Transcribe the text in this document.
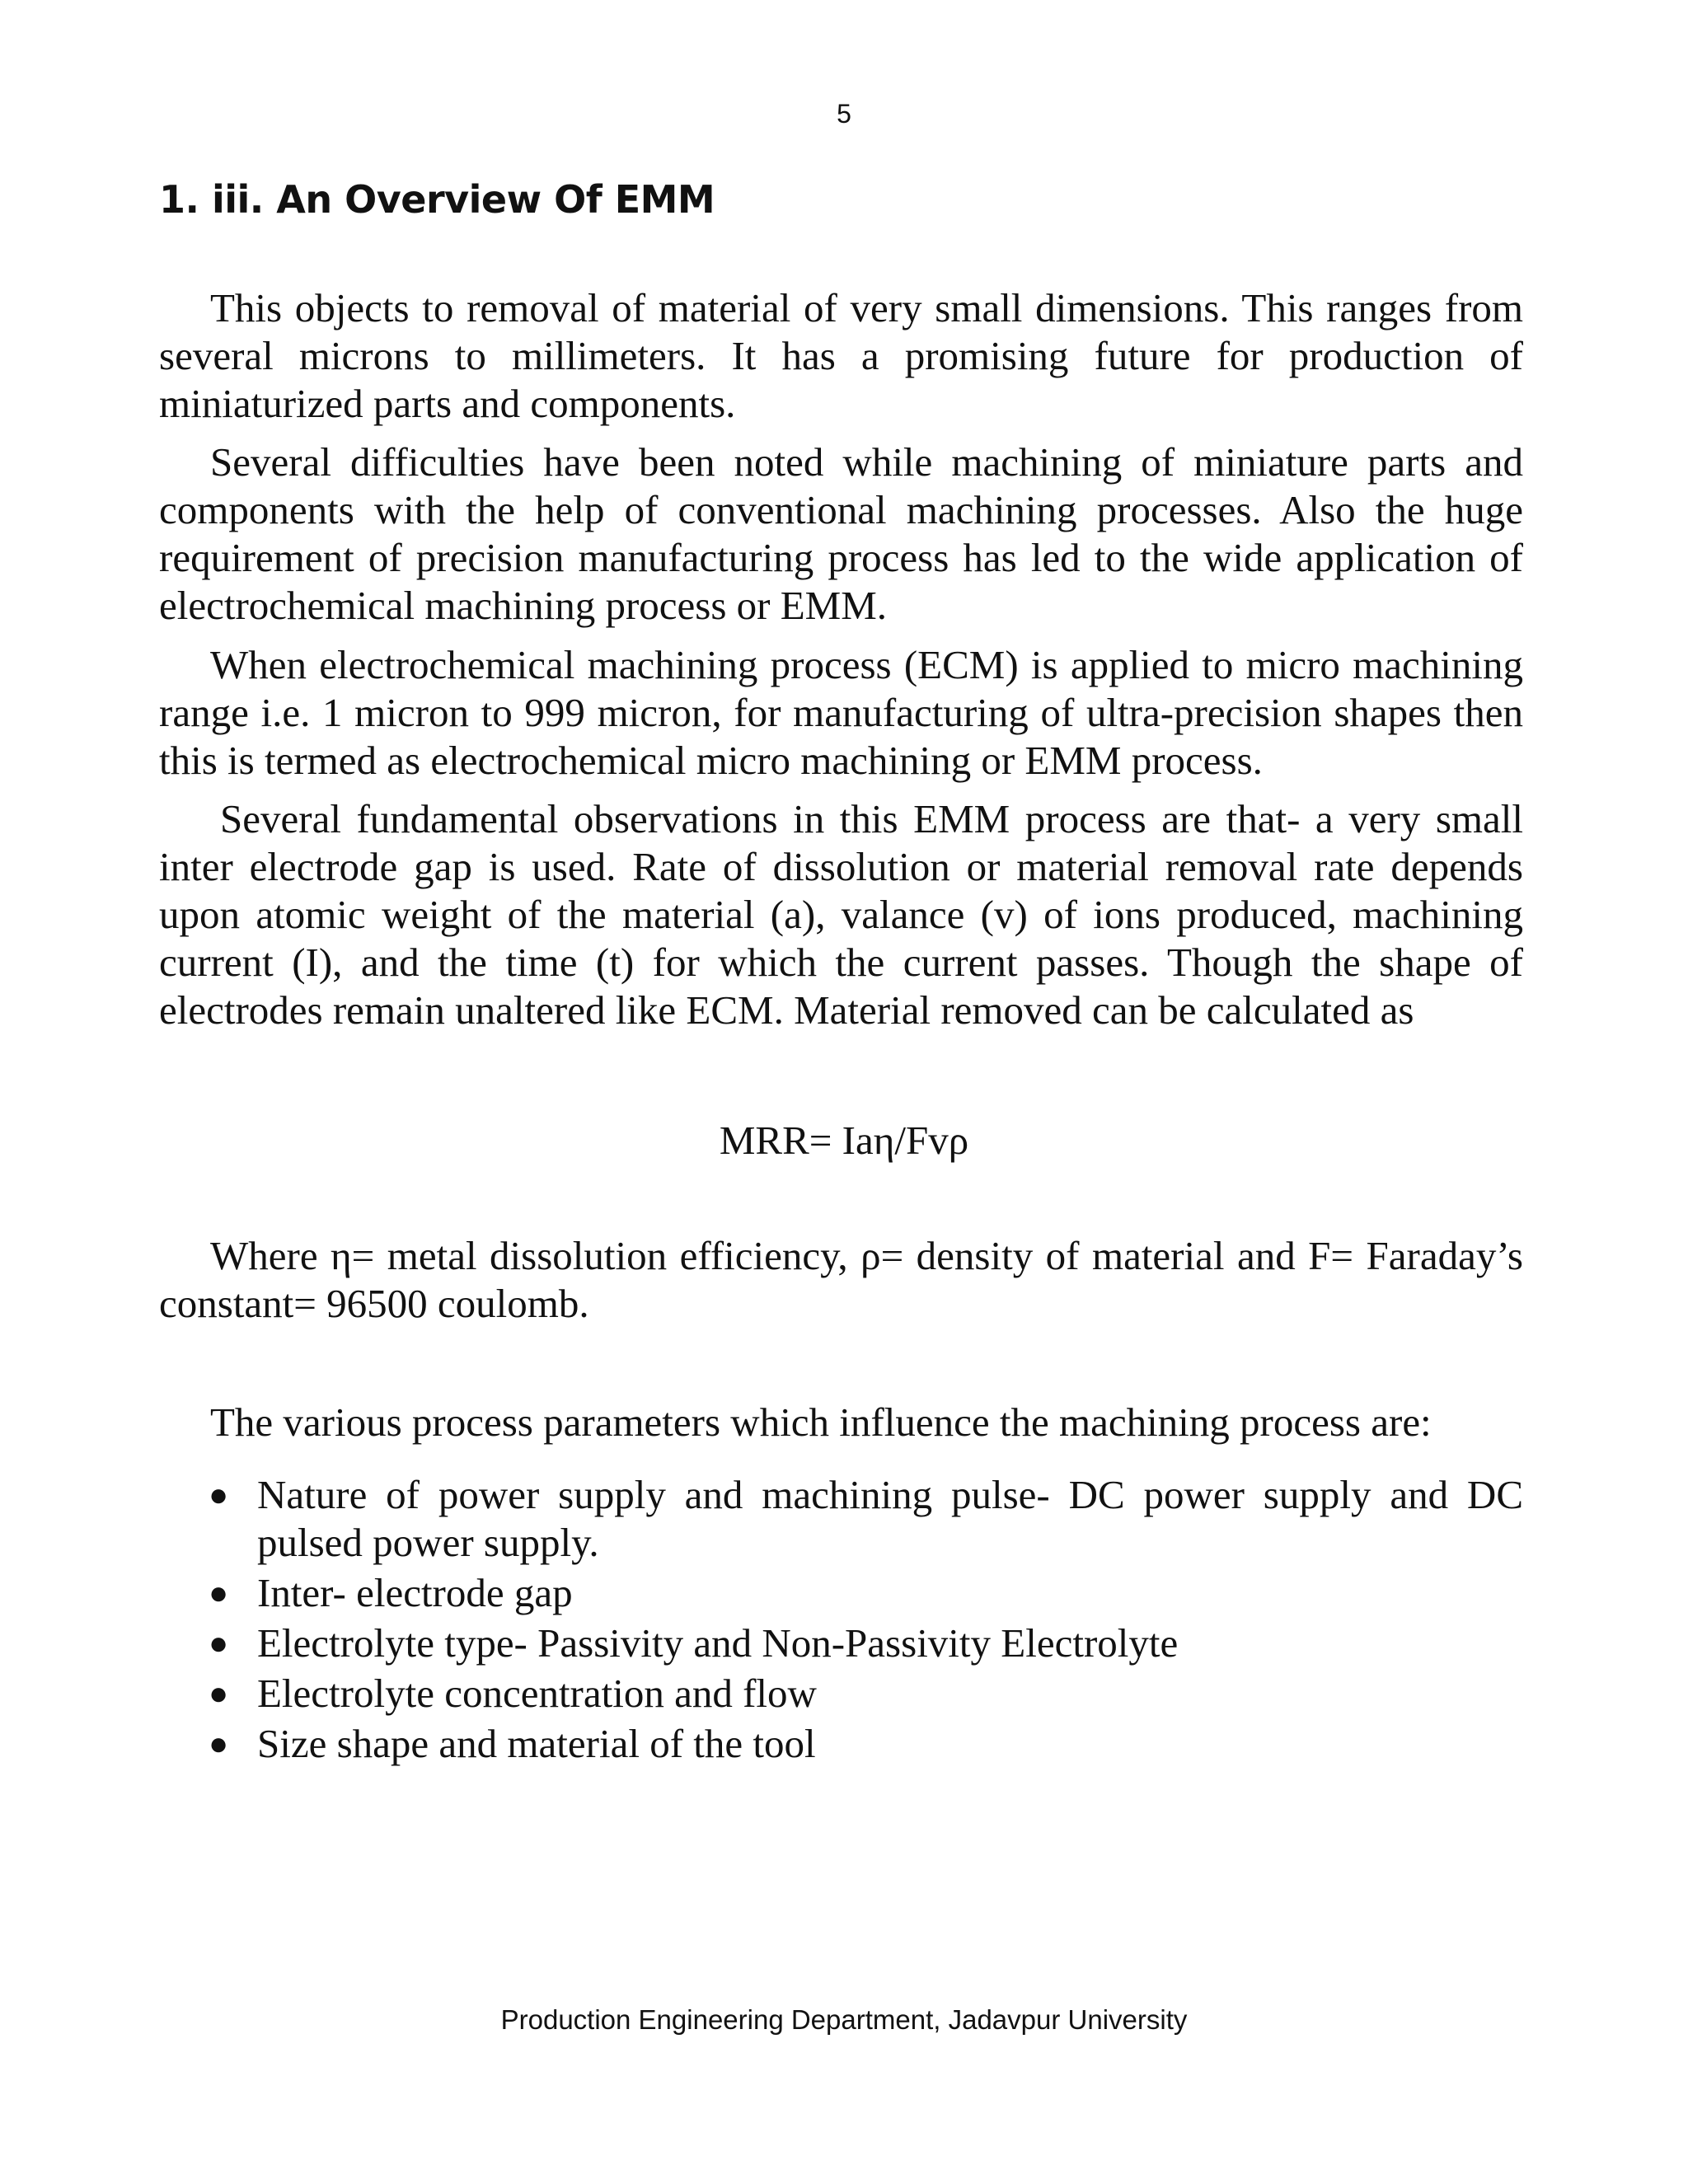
5
1. iii. An Overview Of EMM

This objects to removal of material of very small dimensions. This ranges from several microns to millimeters. It has a promising future for production of miniaturized parts and components.

Several difficulties have been noted while machining of miniature parts and components with the help of conventional machining processes. Also the huge requirement of precision manufacturing process has led to the wide application of electrochemical machining process or EMM.

When electrochemical machining process (ECM) is applied to micro machining range i.e. 1 micron to 999 micron, for manufacturing of ultra-precision shapes then this is termed as electrochemical micro machining or EMM process.

Several fundamental observations in this EMM process are that- a very small inter electrode gap is used. Rate of dissolution or material removal rate depends upon atomic weight of the material (a), valance (v) of ions produced, machining current (I), and the time (t) for which the current passes. Though the shape of electrodes remain unaltered like ECM. Material removed can be calculated as

MRR= Iaη/Fvρ

Where η= metal dissolution efficiency, ρ= density of material and F= Faraday’s constant= 96500 coulomb.

The various process parameters which influence the machining process are:

● Nature of power supply and machining pulse- DC power supply and DC pulsed power supply.
● Inter- electrode gap
● Electrolyte type- Passivity and Non-Passivity Electrolyte
● Electrolyte concentration and flow
● Size shape and material of the tool
Production Engineering Department, Jadavpur University
